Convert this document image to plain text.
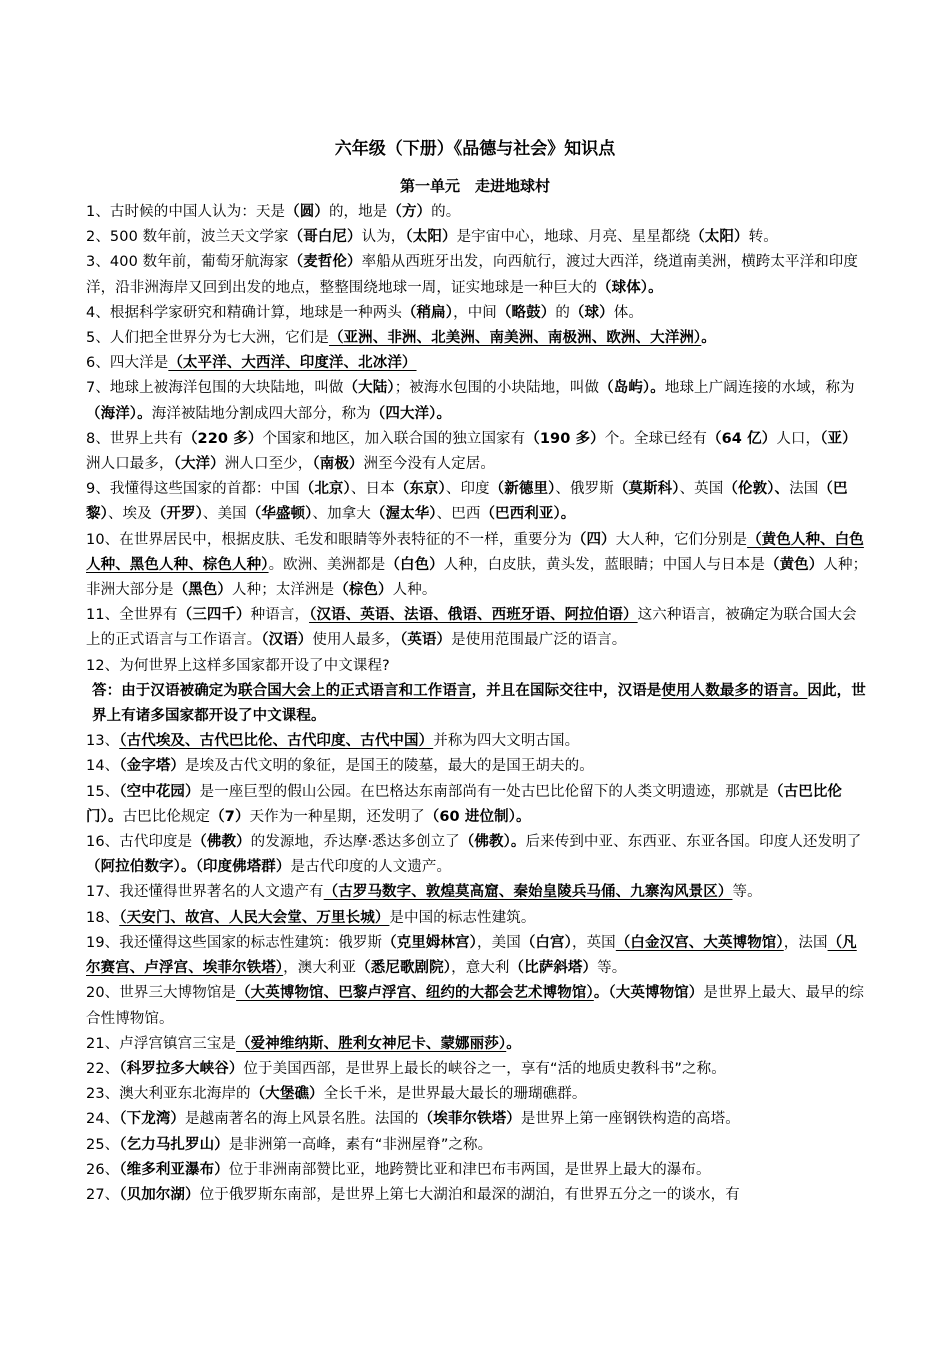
六年级（下册）《品德与社会》知识点
第一单元　走进地球村
1、古时候的中国人认为：天是（圆）的，地是（方）的。
2、500 数年前，波兰天文学家（哥白尼）认为，（太阳）是宇宙中心，地球、月亮、星星都绕（太阳）转。
3、400 数年前，葡萄牙航海家（麦哲伦）率船从西班牙出发，向西航行，渡过大西洋，绕道南美洲，横跨太平洋和印度洋，沿非洲海岸又回到出发的地点，整整围绕地球一周，证实地球是一种巨大的（球体）。
4、根据科学家研究和精确计算，地球是一种两头（稍扁），中间（略鼓）的（球）体。
5、人们把全世界分为七大洲，它们是（亚洲、非洲、北美洲、南美洲、南极洲、欧洲、大洋洲）。
6、四大洋是（太平洋、大西洋、印度洋、北冰洋）
7、地球上被海洋包围的大块陆地，叫做（大陆）；被海水包围的小块陆地，叫做（岛屿）。地球上广阔连接的水域，称为（海洋）。海洋被陆地分割成四大部分，称为（四大洋）。
8、世界上共有（220 多）个国家和地区，加入联合国的独立国家有（190 多）个。全球已经有（64 亿）人口，（亚）洲人口最多，（大洋）洲人口至少，（南极）洲至今没有人定居。
9、我懂得这些国家的首都：中国（北京）、日本（东京）、印度（新德里）、俄罗斯（莫斯科）、英国（伦敦）、法国（巴黎）、埃及（开罗）、美国（华盛顿）、加拿大（渥太华）、巴西（巴西利亚）。
10、在世界居民中，根据皮肤、毛发和眼睛等外表特征的不一样，重要分为（四）大人种，它们分别是（黄色人种、白色人种、黑色人种、棕色人种）。欧洲、美洲都是（白色）人种，白皮肤，黄头发，蓝眼睛；中国人与日本是（黄色）人种；非洲大部分是（黑色）人种；太洋洲是（棕色）人种。
11、全世界有（三四千）种语言，（汉语、英语、法语、俄语、西班牙语、阿拉伯语）这六种语言，被确定为联合国大会上的正式语言与工作语言。（汉语）使用人最多，（英语）是使用范围最广泛的语言。
12、为何世界上这样多国家都开设了中文课程?
答：由于汉语被确定为联合国大会上的正式语言和工作语言，并且在国际交往中，汉语是使用人数最多的语言。因此，世界上有诸多国家都开设了中文课程。
13、（古代埃及、古代巴比伦、古代印度、古代中国）并称为四大文明古国。
14、（金字塔）是埃及古代文明的象征，是国王的陵墓，最大的是国王胡夫的。
15、（空中花园）是一座巨型的假山公园。在巴格达东南部尚有一处古巴比伦留下的人类文明遗迹，那就是（古巴比伦门）。古巴比伦规定（7）天作为一种星期，还发明了（60 进位制）。
16、古代印度是（佛教）的发源地，乔达摩·悉达多创立了（佛教）。后来传到中亚、东西亚、东亚各国。印度人还发明了（阿拉伯数字）。（印度佛塔群）是古代印度的人文遗产。
17、我还懂得世界著名的人文遗产有（古罗马数字、敦煌莫高窟、秦始皇陵兵马俑、九寨沟风景区）等。
18、（天安门、故宫、人民大会堂、万里长城）是中国的标志性建筑。
19、我还懂得这些国家的标志性建筑：俄罗斯（克里姆林宫），美国（白宫），英国（白金汉宫、大英博物馆），法国（凡尔赛宫、卢浮宫、埃菲尔铁塔），澳大利亚（悉尼歌剧院），意大利（比萨斜塔）等。
20、世界三大博物馆是（大英博物馆、巴黎卢浮宫、纽约的大都会艺术博物馆）。（大英博物馆）是世界上最大、最早的综合性博物馆。
21、卢浮宫镇宫三宝是（爱神维纳斯、胜利女神尼卡、蒙娜丽莎）。
22、（科罗拉多大峡谷）位于美国西部，是世界上最长的峡谷之一，享有“活的地质史教科书”之称。
23、澳大利亚东北海岸的（大堡礁）全长千米，是世界最大最长的珊瑚礁群。
24、（下龙湾）是越南著名的海上风景名胜。法国的（埃菲尔铁塔）是世界上第一座钢铁构造的高塔。
25、（乞力马扎罗山）是非洲第一高峰，素有“非洲屋脊”之称。
26、（维多利亚瀑布）位于非洲南部赞比亚，地跨赞比亚和津巴布韦两国，是世界上最大的瀑布。
27、（贝加尔湖）位于俄罗斯东南部，是世界上第七大湖泊和最深的湖泊，有世界五分之一的谈水，有
